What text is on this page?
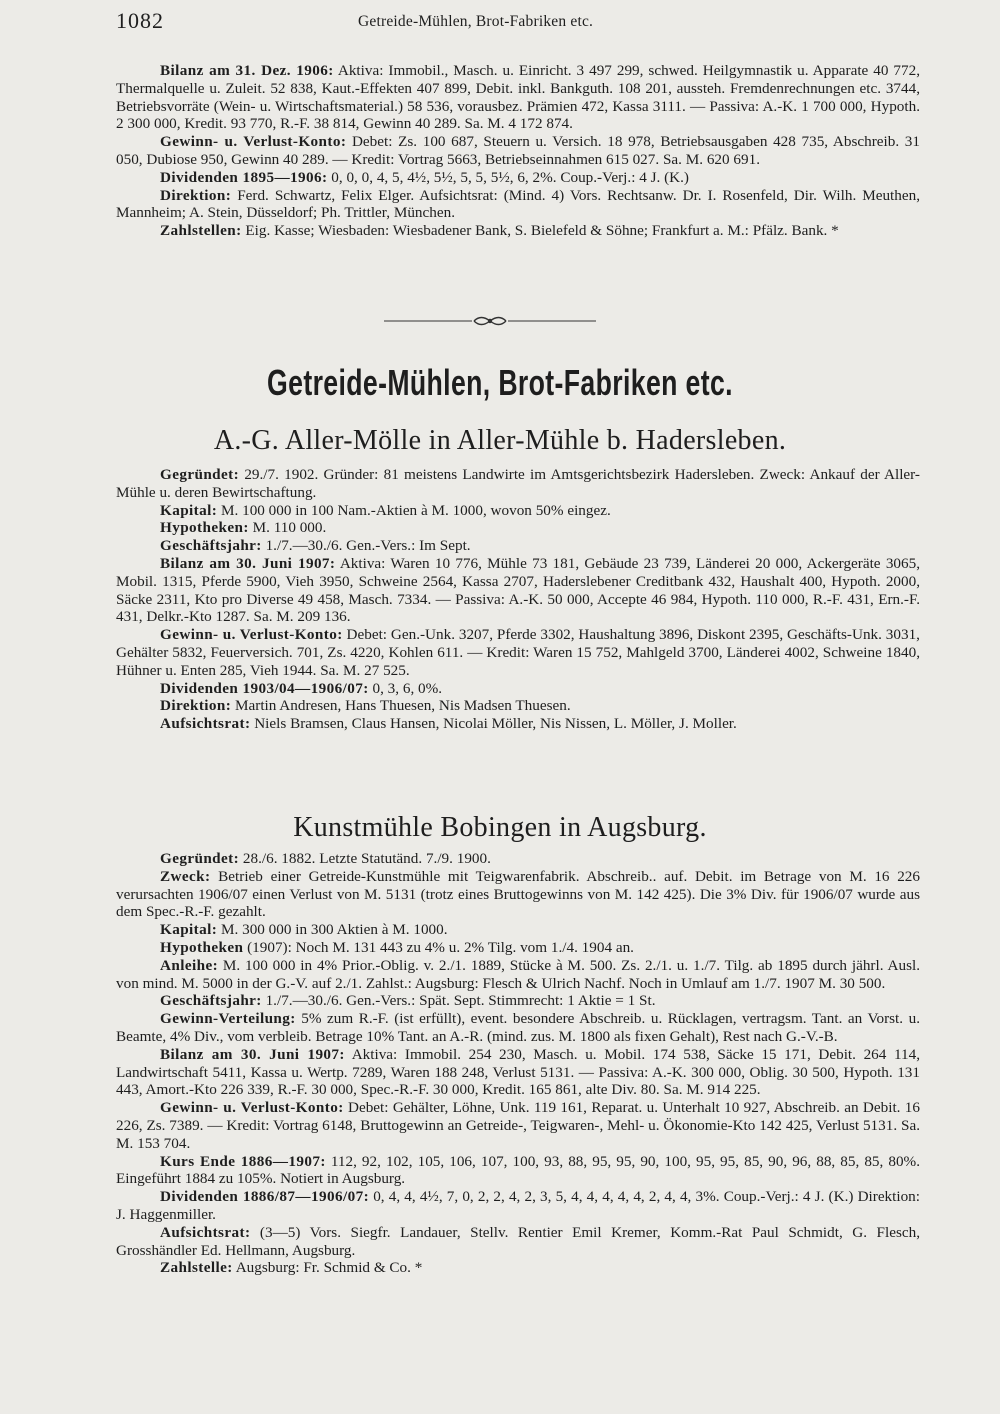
1082	Getreide-Mühlen, Brot-Fabriken etc.

Bilanz am 31. Dez. 1906: Aktiva: Immobil., Masch. u. Einricht. 3 497 299, schwed. Heilgymnastik u. Apparate 40 772, Thermalquelle u. Zuleit. 52 838, Kaut.-Effekten 407 899, Debit. inkl. Bankguth. 108 201, aussteh. Fremdenrechnungen etc. 3744, Betriebsvorräte (Wein- u. Wirtschaftsmaterial.) 58 536, vorausbez. Prämien 472, Kassa 3111. — Passiva: A.-K. 1 700 000, Hypoth. 2 300 000, Kredit. 93 770, R.-F. 38 814, Gewinn 40 289. Sa. M. 4 172 874.

Gewinn- u. Verlust-Konto: Debet: Zs. 100 687, Steuern u. Versich. 18 978, Betriebsausgaben 428 735, Abschreib. 31 050, Dubiose 950, Gewinn 40 289. — Kredit: Vortrag 5663, Betriebseinnahmen 615 027. Sa. M. 620 691.

Dividenden 1895—1906: 0, 0, 0, 4, 5, 4½, 5½, 5, 5, 5½, 6, 2%. Coup.-Verj.: 4 J. (K.)

Direktion: Ferd. Schwartz, Felix Elger. Aufsichtsrat: (Mind. 4) Vors. Rechtsanw. Dr. I. Rosenfeld, Dir. Wilh. Meuthen, Mannheim; A. Stein, Düsseldorf; Ph. Trittler, München.

Zahlstellen: Eig. Kasse; Wiesbaden: Wiesbadener Bank, S. Bielefeld & Söhne; Frankfurt a. M.: Pfälz. Bank. *

Getreide-Mühlen, Brot-Fabriken etc.
A.-G. Aller-Mölle in Aller-Mühle b. Hadersleben.

Gegründet: 29./7. 1902. Gründer: 81 meistens Landwirte im Amtsgerichtsbezirk Hadersleben. Zweck: Ankauf der Aller-Mühle u. deren Bewirtschaftung.

Kapital: M. 100 000 in 100 Nam.-Aktien à M. 1000, wovon 50% eingez.

Hypotheken: M. 110 000.

Geschäftsjahr: 1./7.—30./6. Gen.-Vers.: Im Sept.

Bilanz am 30. Juni 1907: Aktiva: Waren 10 776, Mühle 73 181, Gebäude 23 739, Länderei 20 000, Ackergeräte 3065, Mobil. 1315, Pferde 5900, Vieh 3950, Schweine 2564, Kassa 2707, Haderslebener Creditbank 432, Haushalt 400, Hypoth. 2000, Säcke 2311, Kto pro Diverse 49 458, Masch. 7334. — Passiva: A.-K. 50 000, Accepte 46 984, Hypoth. 110 000, R.-F. 431, Ern.-F. 431, Delkr.-Kto 1287. Sa. M. 209 136.

Gewinn- u. Verlust-Konto: Debet: Gen.-Unk. 3207, Pferde 3302, Haushaltung 3896, Diskont 2395, Geschäfts-Unk. 3031, Gehälter 5832, Feuerversich. 701, Zs. 4220, Kohlen 611. — Kredit: Waren 15 752, Mahlgeld 3700, Länderei 4002, Schweine 1840, Hühner u. Enten 285, Vieh 1944. Sa. M. 27 525.

Dividenden 1903/04—1906/07: 0, 3, 6, 0%.

Direktion: Martin Andresen, Hans Thuesen, Nis Madsen Thuesen.

Aufsichtsrat: Niels Bramsen, Claus Hansen, Nicolai Möller, Nis Nissen, L. Möller, J. Moller.

Kunstmühle Bobingen in Augsburg.

Gegründet: 28./6. 1882. Letzte Statutänd. 7./9. 1900.

Zweck: Betrieb einer Getreide-Kunstmühle mit Teigwarenfabrik. Abschreib.. auf. Debit. im Betrage von M. 16 226 verursachten 1906/07 einen Verlust von M. 5131 (trotz eines Bruttogewinns von M. 142 425). Die 3% Div. für 1906/07 wurde aus dem Spec.-R.-F. gezahlt.

Kapital: M. 300 000 in 300 Aktien à M. 1000.

Hypotheken (1907): Noch M. 131 443 zu 4% u. 2% Tilg. vom 1./4. 1904 an.

Anleihe: M. 100 000 in 4% Prior.-Oblig. v. 2./1. 1889, Stücke à M. 500. Zs. 2./1. u. 1./7. Tilg. ab 1895 durch jährl. Ausl. von mind. M. 5000 in der G.-V. auf 2./1. Zahlst.: Augsburg: Flesch & Ulrich Nachf. Noch in Umlauf am 1./7. 1907 M. 30 500.

Geschäftsjahr: 1./7.—30./6. Gen.-Vers.: Spät. Sept. Stimmrecht: 1 Aktie = 1 St.

Gewinn-Verteilung: 5% zum R.-F. (ist erfüllt), event. besondere Abschreib. u. Rücklagen, vertragsm. Tant. an Vorst. u. Beamte, 4% Div., vom verbleib. Betrage 10% Tant. an A.-R. (mind. zus. M. 1800 als fixen Gehalt), Rest nach G.-V.-B.

Bilanz am 30. Juni 1907: Aktiva: Immobil. 254 230, Masch. u. Mobil. 174 538, Säcke 15 171, Debit. 264 114, Landwirtschaft 5411, Kassa u. Wertp. 7289, Waren 188 248, Verlust 5131. — Passiva: A.-K. 300 000, Oblig. 30 500, Hypoth. 131 443, Amort.-Kto 226 339, R.-F. 30 000, Spec.-R.-F. 30 000, Kredit. 165 861, alte Div. 80. Sa. M. 914 225.

Gewinn- u. Verlust-Konto: Debet: Gehälter, Löhne, Unk. 119 161, Reparat. u. Unterhalt 10 927, Abschreib. an Debit. 16 226, Zs. 7389. — Kredit: Vortrag 6148, Bruttogewinn an Getreide-, Teigwaren-, Mehl- u. Ökonomie-Kto 142 425, Verlust 5131. Sa. M. 153 704.

Kurs Ende 1886—1907: 112, 92, 102, 105, 106, 107, 100, 93, 88, 95, 95, 90, 100, 95, 95, 85, 90, 96, 88, 85, 85, 80%. Eingeführt 1884 zu 105%. Notiert in Augsburg.

Dividenden 1886/87—1906/07: 0, 4, 4, 4½, 7, 0, 2, 2, 4, 2, 3, 5, 4, 4, 4, 4, 4, 2, 4, 4, 3%. Coup.-Verj.: 4 J. (K.) Direktion: J. Haggenmiller.

Aufsichtsrat: (3—5) Vors. Siegfr. Landauer, Stellv. Rentier Emil Kremer, Komm.-Rat Paul Schmidt, G. Flesch, Grosshändler Ed. Hellmann, Augsburg.

Zahlstelle: Augsburg: Fr. Schmid & Co. *
